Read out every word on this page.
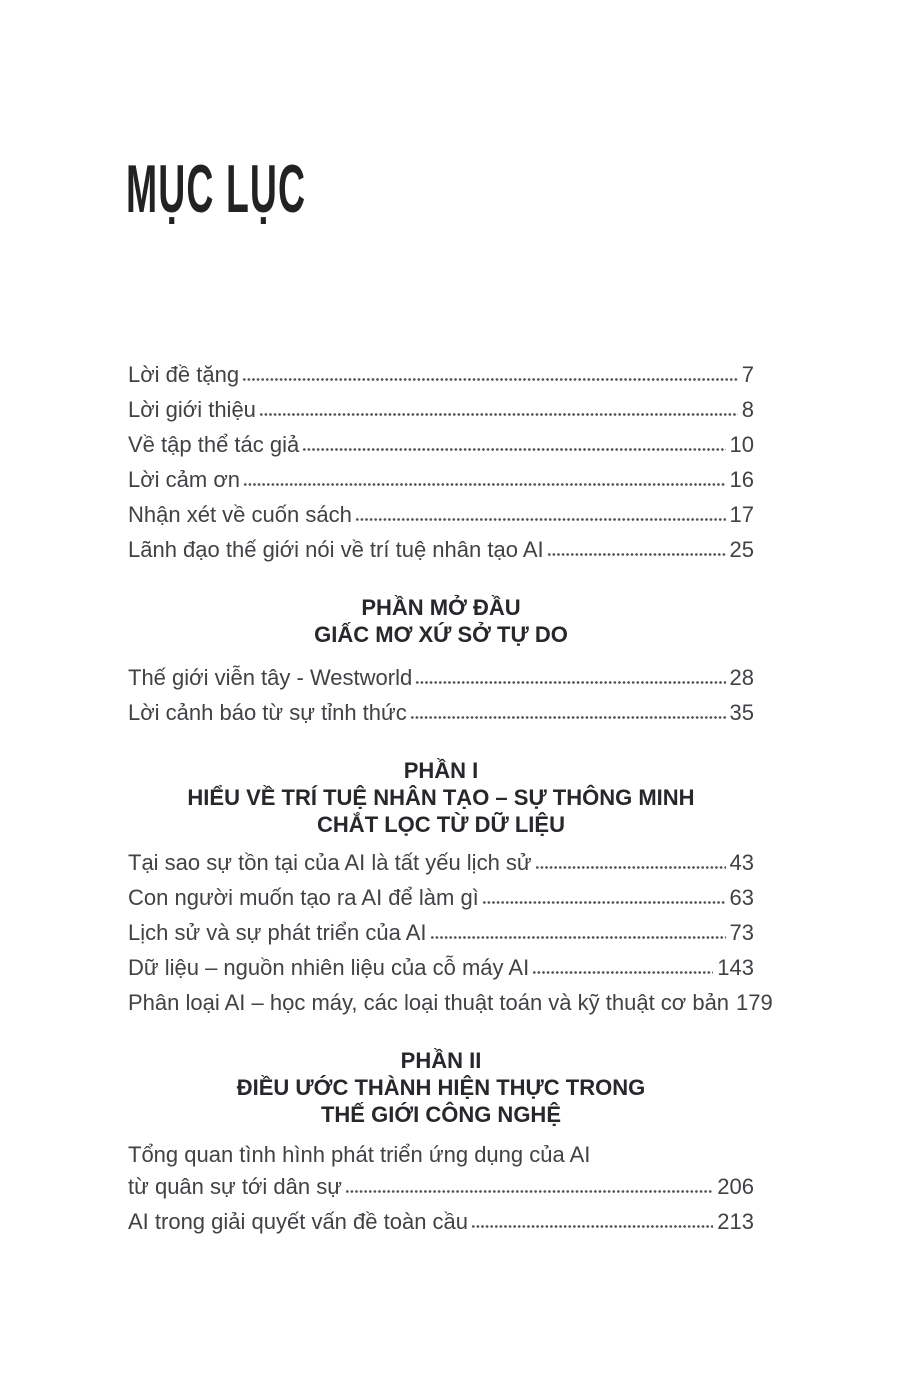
MỤC LỤC
Lời đề tặng	7
Lời giới thiệu	8
Về tập thể tác giả	10
Lời cảm ơn	16
Nhận xét về cuốn sách	17
Lãnh đạo thế giới nói về trí tuệ nhân tạo AI	25
PHẦN MỞ ĐẦU
GIẤC MƠ XỨ SỞ TỰ DO
Thế giới viễn tây - Westworld	28
Lời cảnh báo từ sự tỉnh thức	35
PHẦN I
HIỂU VỀ TRÍ TUỆ NHÂN TẠO – SỰ THÔNG MINH
CHẮT LỌC TỪ DỮ LIỆU
Tại sao sự tồn tại của AI là tất yếu lịch sử	43
Con người muốn tạo ra AI để làm gì	63
Lịch sử và sự phát triển của AI	73
Dữ liệu – nguồn nhiên liệu của cỗ máy AI	143
Phân loại AI – học máy, các loại thuật toán và kỹ thuật cơ bản 179
PHẦN II
ĐIỀU ƯỚC THÀNH HIỆN THỰC TRONG
THẾ GIỚI CÔNG NGHỆ
Tổng quan tình hình phát triển ứng dụng của AI
từ quân sự tới dân sự	206
AI trong giải quyết vấn đề toàn cầu	213
